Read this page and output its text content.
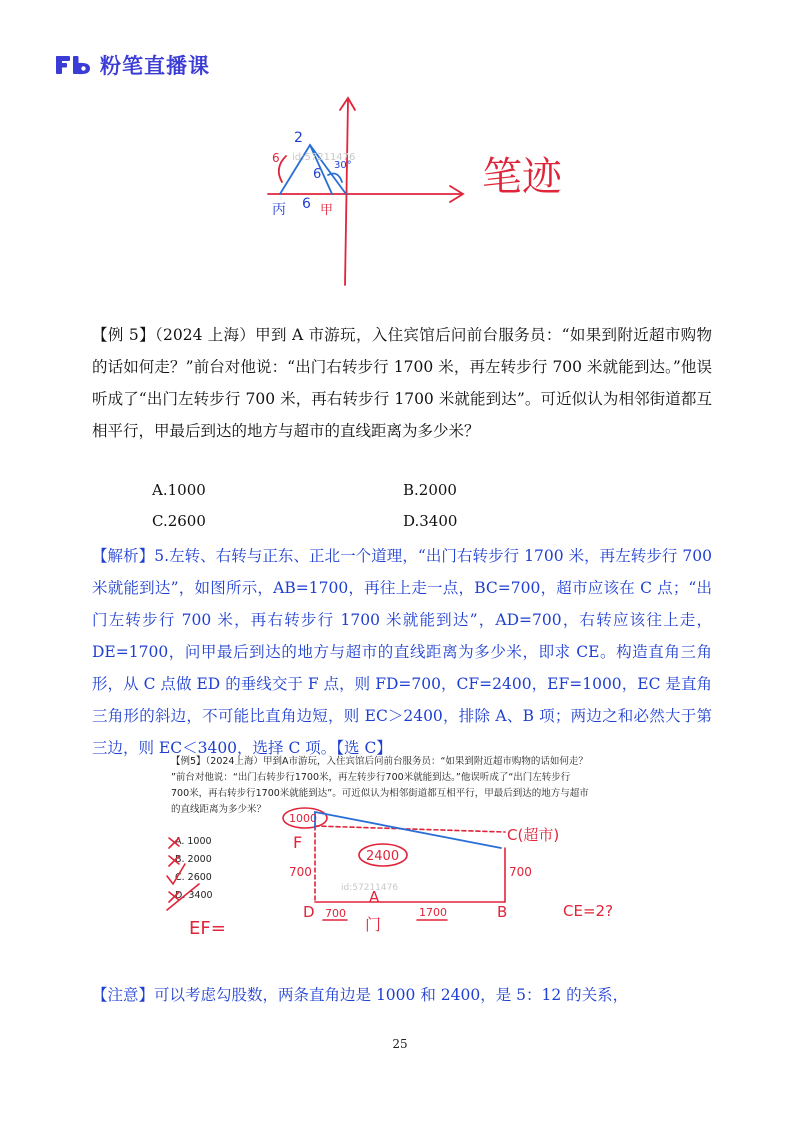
粉笔直播课
2
6
30°
6
丙	甲
6 id:57211476	笔迹

【例 5】（2024 上海）甲到 A 市游玩，入住宾馆后问前台服务员：“如果到附近超市购物的话如何走？”前台对他说：“出门右转步行 1700 米，再左转步行 700 米就能到达。”他误听成了“出门左转步行 700 米，再右转步行 1700 米就能到达”。可近似认为相邻街道都互相平行，甲最后到达的地方与超市的直线距离为多少米？

A.1000	B.2000
C.2600	D.3400

【解析】5.左转、右转与正东、正北一个道理，“出门右转步行 1700 米，再左转步行 700 米就能到达”，如图所示，AB=1700，再往上走一点，BC=700，超市应该在 C 点；“出门左转步行 700 米，再右转步行 1700 米就能到达”，AD=700，右转应该往上走，DE=1700，问甲最后到达的地方与超市的直线距离为多少米，即求 CE。构造直角三角形，从 C 点做 ED 的垂线交于 F 点，则 FD=700，CF=2400，EF=1000，EC 是直角三角形的斜边，不可能比直角边短，则 EC＞2400，排除 A、B 项；两边之和必然大于第三边，则 EC＜3400，选择 C 项。【选 C】

【例5】（2024上海）甲到A市游玩，入住宾馆后问前台服务员：“如果到附近超市购物的话如何走？
”前台对他说：“出门右转步行1700米，再左转步行700米就能到达。”他误听成了“出门左转步行
700米，再右转步行1700米就能到达”。可近似认为相邻街道都互相平行，甲最后到达的地方与超市
的直线距离为多少米？
A. 1000
B. 2000
C. 2600
D. 3400
1000
F
700
2400
C(超市)
700
D 700
A
门
1700	B	CE=2?
EF=
id:57211476

【注意】可以考虑勾股数，两条直角边是 1000 和 2400，是 5：12 的关系，

25
